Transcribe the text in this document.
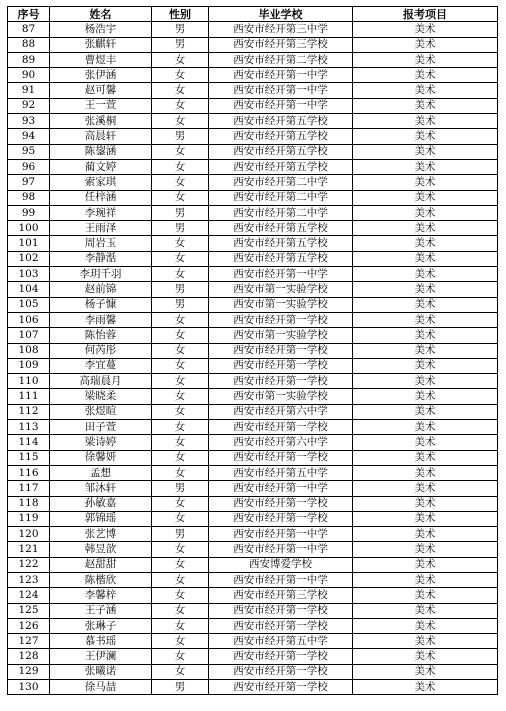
序号	姓名	性别	毕业学校	报考项目
87	杨浩宇	男	西安市经开第三中学	美术
88	张麒轩	男	西安市经开第三学校	美术
89	曹煜丰	女	西安市经开第二学校	美术
90	张伊涵	女	西安市经开第一中学	美术
91	赵可馨	女	西安市经开第一中学	美术
92	王一萱	女	西安市经开第一中学	美术
93	张溪桐	女	西安市经开第五学校	美术
94	高晨轩	男	西安市经开第五学校	美术
95	陈鋆涵	女	西安市经开第五学校	美术
96	蔺文婷	女	西安市经开第五学校	美术
97	索家琪	女	西安市经开第二中学	美术
98	任梓涵	女	西安市经开第二中学	美术
99	李琬祥	男	西安市经开第二中学	美术
100	王雨泽	男	西安市经开第五学校	美术
101	周岩玉	女	西安市经开第五学校	美术
102	李静湉	女	西安市经开第五学校	美术
103	李玥千羽	女	西安市经开第一中学	美术
104	赵前锦	男	西安市第一实验学校	美术
105	杨子慷	男	西安市第一实验学校	美术
106	李雨馨	女	西安市经开第一学校	美术
107	陈怡蓉	女	西安市第一实验学校	美术
108	何芮彤	女	西安市经开第一学校	美术
109	李宜蔓	女	西安市经开第一学校	美术
110	高瑞晨月	女	西安市经开第一学校	美术
111	梁晓柔	女	西安市第一实验学校	美术
112	张煜暄	女	西安市经开第六中学	美术
113	田子萱	女	西安市经开第一学校	美术
114	梁诗婷	女	西安市经开第六中学	美术
115	徐馨妍	女	西安市经开第一学校	美术
116	孟想	女	西安市经开第五中学	美术
117	邹沐轩	男	西安市经开第一中学	美术
118	孙敏嘉	女	西安市经开第一学校	美术
119	郭锦瑶	女	西安市经开第一学校	美术
120	张艺博	男	西安市经开第一中学	美术
121	韩昱歆	女	西安市经开第一中学	美术
122	赵甜甜	女	西安博爱学校	美术
123	陈楷欣	女	西安市经开第一中学	美术
124	李馨梓	女	西安市经开第三学校	美术
125	王子涵	女	西安市经开第一学校	美术
126	张琳子	女	西安市经开第一学校	美术
127	慕书瑶	女	西安市经开第五中学	美术
128	王伊澜	女	西安市经开第一学校	美术
129	张曦诺	女	西安市经开第一学校	美术
130	徐马喆	男	西安市经开第一学校	美术
